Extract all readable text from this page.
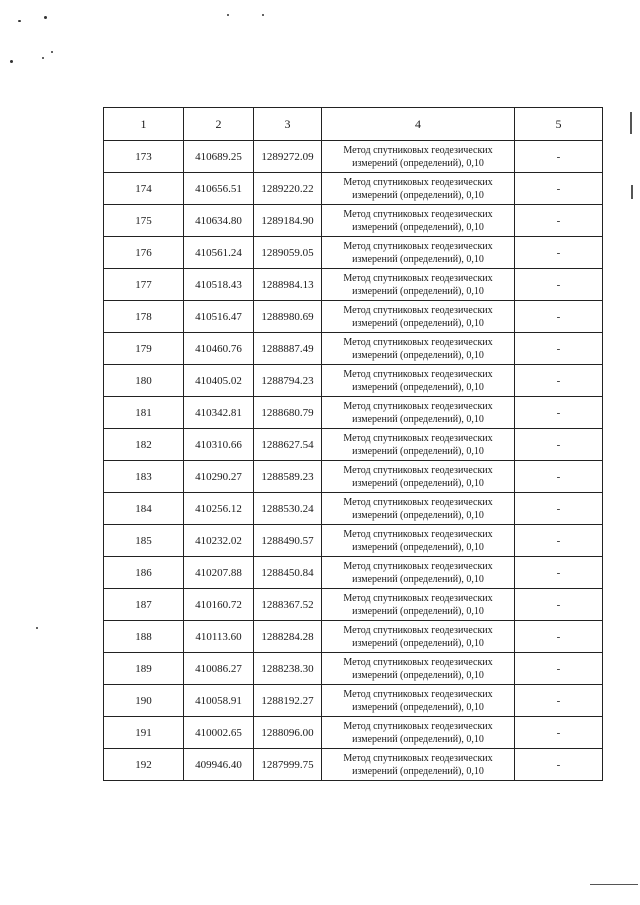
1	2	3	4	5
173	410689.25	1289272.09	Метод спутниковых геодезических
измерений (определений), 0,10	-
174	410656.51	1289220.22	Метод спутниковых геодезических
измерений (определений), 0,10	-
175	410634.80	1289184.90	Метод спутниковых геодезических
измерений (определений), 0,10	-
176	410561.24	1289059.05	Метод спутниковых геодезических
измерений (определений), 0,10	-
177	410518.43	1288984.13	Метод спутниковых геодезических
измерений (определений), 0,10	-
178	410516.47	1288980.69	Метод спутниковых геодезических
измерений (определений), 0,10	-
179	410460.76	1288887.49	Метод спутниковых геодезических
измерений (определений), 0,10	-
180	410405.02	1288794.23	Метод спутниковых геодезических
измерений (определений), 0,10	-
181	410342.81	1288680.79	Метод спутниковых геодезических
измерений (определений), 0,10	-
182	410310.66	1288627.54	Метод спутниковых геодезических
измерений (определений), 0,10	-
183	410290.27	1288589.23	Метод спутниковых геодезических
измерений (определений), 0,10	-
184	410256.12	1288530.24	Метод спутниковых геодезических
измерений (определений), 0,10	-
185	410232.02	1288490.57	Метод спутниковых геодезических
измерений (определений), 0,10	-
186	410207.88	1288450.84	Метод спутниковых геодезических
измерений (определений), 0,10	-
187	410160.72	1288367.52	Метод спутниковых геодезических
измерений (определений), 0,10	-
188	410113.60	1288284.28	Метод спутниковых геодезических
измерений (определений), 0,10	-
189	410086.27	1288238.30	Метод спутниковых геодезических
измерений (определений), 0,10	-
190	410058.91	1288192.27	Метод спутниковых геодезических
измерений (определений), 0,10	-
191	410002.65	1288096.00	Метод спутниковых геодезических
измерений (определений), 0,10	-
192	409946.40	1287999.75	Метод спутниковых геодезических
измерений (определений), 0,10	-
